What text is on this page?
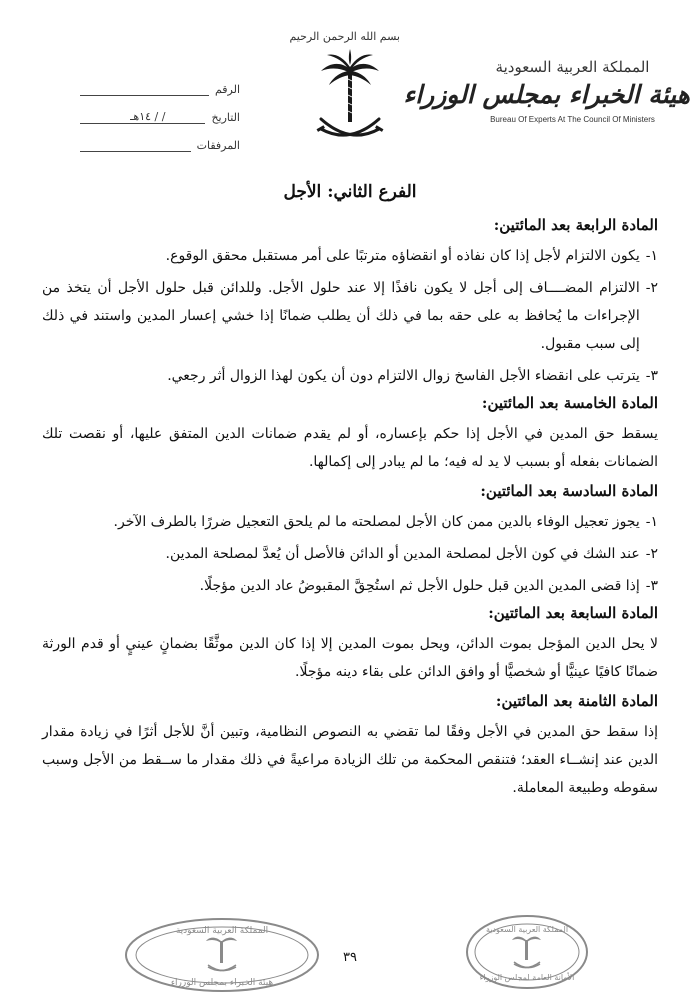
المملكة العربية السعودية
هيئة الخبراء بمجلس الوزراء
Bureau Of Experts At The Council Of Ministers
بسم الله الرحمن الرحيم
الرقم
التاريخ
/ / ١٤هـ
المرفقات
الفرع الثاني: الأجل
المادة الرابعة بعد المائتين:
١-
يكون الالتزام لأجل إذا كان نفاذه أو انقضاؤه مترتبًا على أمر مستقبل محقق الوقوع.
٢-
الالتزام المضــــاف إلى أجل لا يكون نافذًا إلا عند حلول الأجل. وللدائن قبل حلول الأجل أن يتخذ من الإجراءات ما يُحافظ به على حقه بما في ذلك أن يطلب ضمانًا إذا خشي إعسار المدين واستند في ذلك إلى سبب مقبول.
٣-
يترتب على انقضاء الأجل الفاسخ زوال الالتزام دون أن يكون لهذا الزوال أثر رجعي.
المادة الخامسة بعد المائتين:
يسقط حق المدين في الأجل إذا حكم بإعساره، أو لم يقدم ضمانات الدين المتفق عليها، أو نقصت تلك الضمانات بفعله أو بسبب لا يد له فيه؛ ما لم يبادر إلى إكمالها.
المادة السادسة بعد المائتين:
١-
يجوز تعجيل الوفاء بالدين ممن كان الأجل لمصلحته ما لم يلحق التعجيل ضررًا بالطرف الآخر.
٢-
عند الشك في كون الأجل لمصلحة المدين أو الدائن فالأصل أن يُعدَّ لمصلحة المدين.
٣-
إذا قضى المدين الدين قبل حلول الأجل ثم استُحِقَّ المقبوضُ عاد الدين مؤجلًا.
المادة السابعة بعد المائتين:
لا يحل الدين المؤجل بموت الدائن، ويحل بموت المدين إلا إذا كان الدين موثَّقًا بضمانٍ عينيٍ أو قدم الورثة ضمانًا كافيًا عينيًّا أو شخصيًّا أو وافق الدائن على بقاء دينه مؤجلًا.
المادة الثامنة بعد المائتين:
إذا سقط حق المدين في الأجل وفقًا لما تقضي به النصوص النظامية، وتبين أنَّ للأجل أثرًا في زيادة مقدار الدين عند إنشــاء العقد؛ فتنقص المحكمة من تلك الزيادة مراعيةً في ذلك مقدار ما ســقط من الأجل وسبب سقوطه وطبيعة المعاملة.
المملكة العربية السعودية
هيئة الخبراء بمجلس الوزراء
٣٩
المملكة العربية السعودية
الأمانة العامة لمجلس الوزراء
